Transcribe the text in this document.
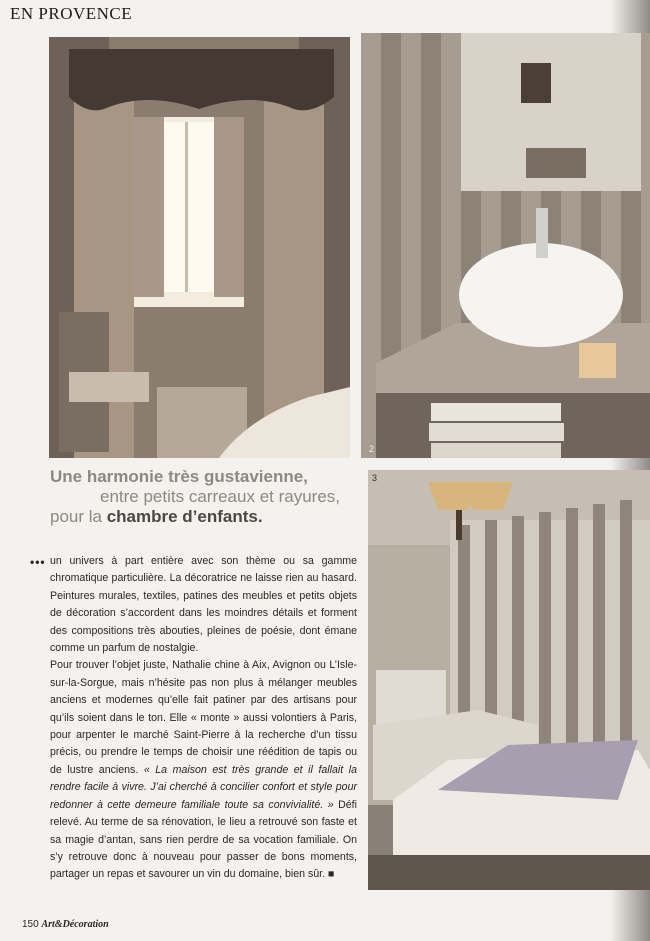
EN PROVENCE
1	2
3
Une harmonie très gustavienne,
entre petits carreaux et rayures,
pour la chambre d’enfants.
••• un univers à part entière avec son thème ou sa gamme chromatique particulière. La décoratrice ne laisse rien au hasard. Peintures murales, textiles, patines des meubles et petits objets de décoration s’accordent dans les moindres détails et forment des compositions très abouties, pleines de poésie, dont émane comme un parfum de nostalgie.

Pour trouver l’objet juste, Nathalie chine à Aix, Avignon ou L’Isle-sur-la-Sorgue, mais n’hésite pas non plus à mélanger meubles anciens et modernes qu’elle fait patiner par des artisans pour qu’ils soient dans le ton. Elle « monte » aussi volontiers à Paris, pour arpenter le marché Saint-Pierre à la recherche d’un tissu précis, ou prendre le temps de choisir une réédition de tapis ou de lustre anciens. « La maison est très grande et il fallait la rendre facile à vivre. J’ai cherché à concilier confort et style pour redonner à cette demeure familiale toute sa convivialité. » Défi relevé. Au terme de sa rénovation, le lieu a retrouvé son faste et sa magie d’antan, sans rien perdre de sa vocation familiale. On s’y retrouve donc à nouveau pour passer de bons moments, partager un repas et savourer un vin du domaine, bien sûr. ■

150 Art&Décoration
